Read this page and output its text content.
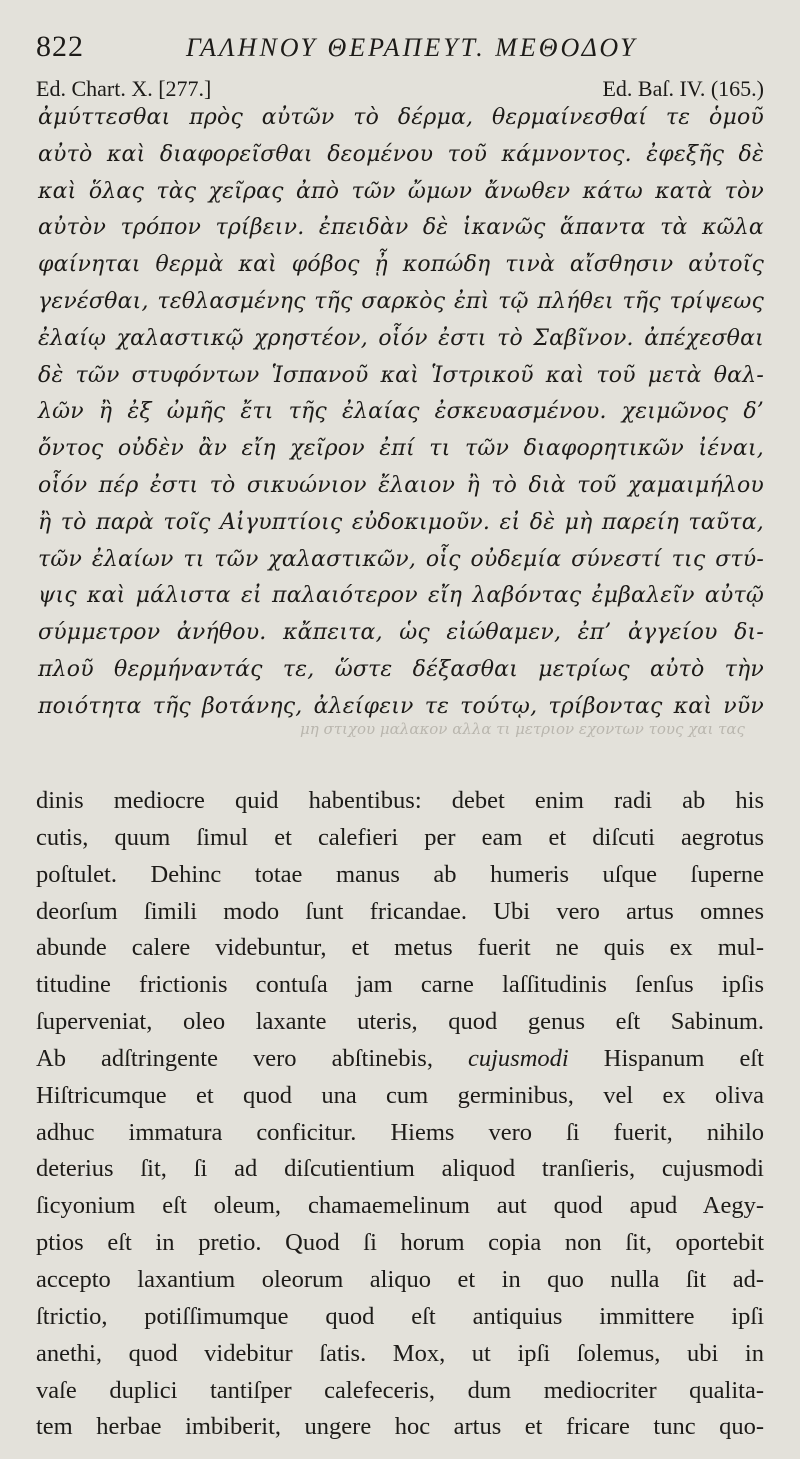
822	ΓΑΛΗΝΟΥ ΘΕΡΑΠΕΥΤ. ΜΕΘΟΔΟΥ
Ed. Chart. X. [277.]	Ed. Baſ. IV. (165.)
ἀμύττεσθαι πρὸς αὐτῶν τὸ δέρμα, θερμαίνεσθαί τε ὁμοῦ
αὐτὸ καὶ διαφορεῖσθαι δεομένου τοῦ κάμνοντος. ἐφεξῆς δὲ
καὶ ὅλας τὰς χεῖρας ἀπὸ τῶν ὤμων ἄνωθεν κάτω κατὰ τὸν
αὐτὸν τρόπον τρίβειν. ἐπειδὰν δὲ ἱκανῶς ἅπαντα τὰ κῶλα
φαίνηται θερμὰ καὶ φόβος ᾖ κοπώδη τινὰ αἴσθησιν αὐτοῖς
γενέσθαι, τεθλασμένης τῆς σαρκὸς ἐπὶ τῷ πλήθει τῆς τρίψεως
ἐλαίῳ χαλαστικῷ χρηστέον, οἷόν ἐστι τὸ Σαβῖνον. ἀπέχεσθαι
δὲ τῶν στυφόντων Ἱσπανοῦ καὶ Ἱστρικοῦ καὶ τοῦ μετὰ θαλ-
λῶν ἢ ἐξ ὠμῆς ἔτι τῆς ἐλαίας ἐσκευασμένου. χειμῶνος δ’
ὄντος οὐδὲν ἂν εἴη χεῖρον ἐπί τι τῶν διαφορητικῶν ἰέναι,
οἷόν πέρ ἐστι τὸ σικυώνιον ἔλαιον ἢ τὸ διὰ τοῦ χαμαιμήλου
ἢ τὸ παρὰ τοῖς Αἰγυπτίοις εὐδοκιμοῦν. εἰ δὲ μὴ παρείη ταῦτα,
τῶν ἐλαίων τι τῶν χαλαστικῶν, οἷς οὐδεμία σύνεστί τις στύ-
ψις καὶ μάλιστα εἰ παλαιότερον εἴη λαβόντας ἐμβαλεῖν αὐτῷ
σύμμετρον ἀνήθου. κἄπειτα, ὡς εἰώθαμεν, ἐπ’ ἀγγείου δι-
πλοῦ θερμήναντάς τε, ὥστε δέξασθαι μετρίως αὐτὸ τὴν
ποιότητα τῆς βοτάνης, ἀλείφειν τε τούτῳ, τρίβοντας καὶ νῦν
μη στιχου μαλακον αλλα τι μετριον εχοντων τους χαι τας
dinis mediocre quid habentibus: debet enim radi ab his
cutis, quum ſimul et calefieri per eam et diſcuti aegrotus
poſtulet. Dehinc totae manus ab humeris uſque ſuperne
deorſum ſimili modo ſunt fricandae. Ubi vero artus omnes
abunde calere videbuntur, et metus fuerit ne quis ex mul-
titudine frictionis contuſa jam carne laſſitudinis ſenſus ipſis
ſuperveniat, oleo laxante uteris, quod genus eſt Sabinum.
Ab adſtringente vero abſtinebis, cujusmodi Hispanum eſt
Hiſtricumque et quod una cum germinibus, vel ex oliva
adhuc immatura conficitur. Hiems vero ſi fuerit, nihilo
deterius ſit, ſi ad diſcutientium aliquod tranſieris, cujusmodi
ſicyonium eſt oleum, chamaemelinum aut quod apud Aegy-
ptios eſt in pretio. Quod ſi horum copia non ſit, oportebit
accepto laxantium oleorum aliquo et in quo nulla ſit ad-
ſtrictio, potiſſimumque quod eſt antiquius immittere ipſi
anethi, quod videbitur ſatis. Mox, ut ipſi ſolemus, ubi in
vaſe duplici tantiſper calefeceris, dum mediocriter qualita-
tem herbae imbiberit, ungere hoc artus et fricare tunc quo-
